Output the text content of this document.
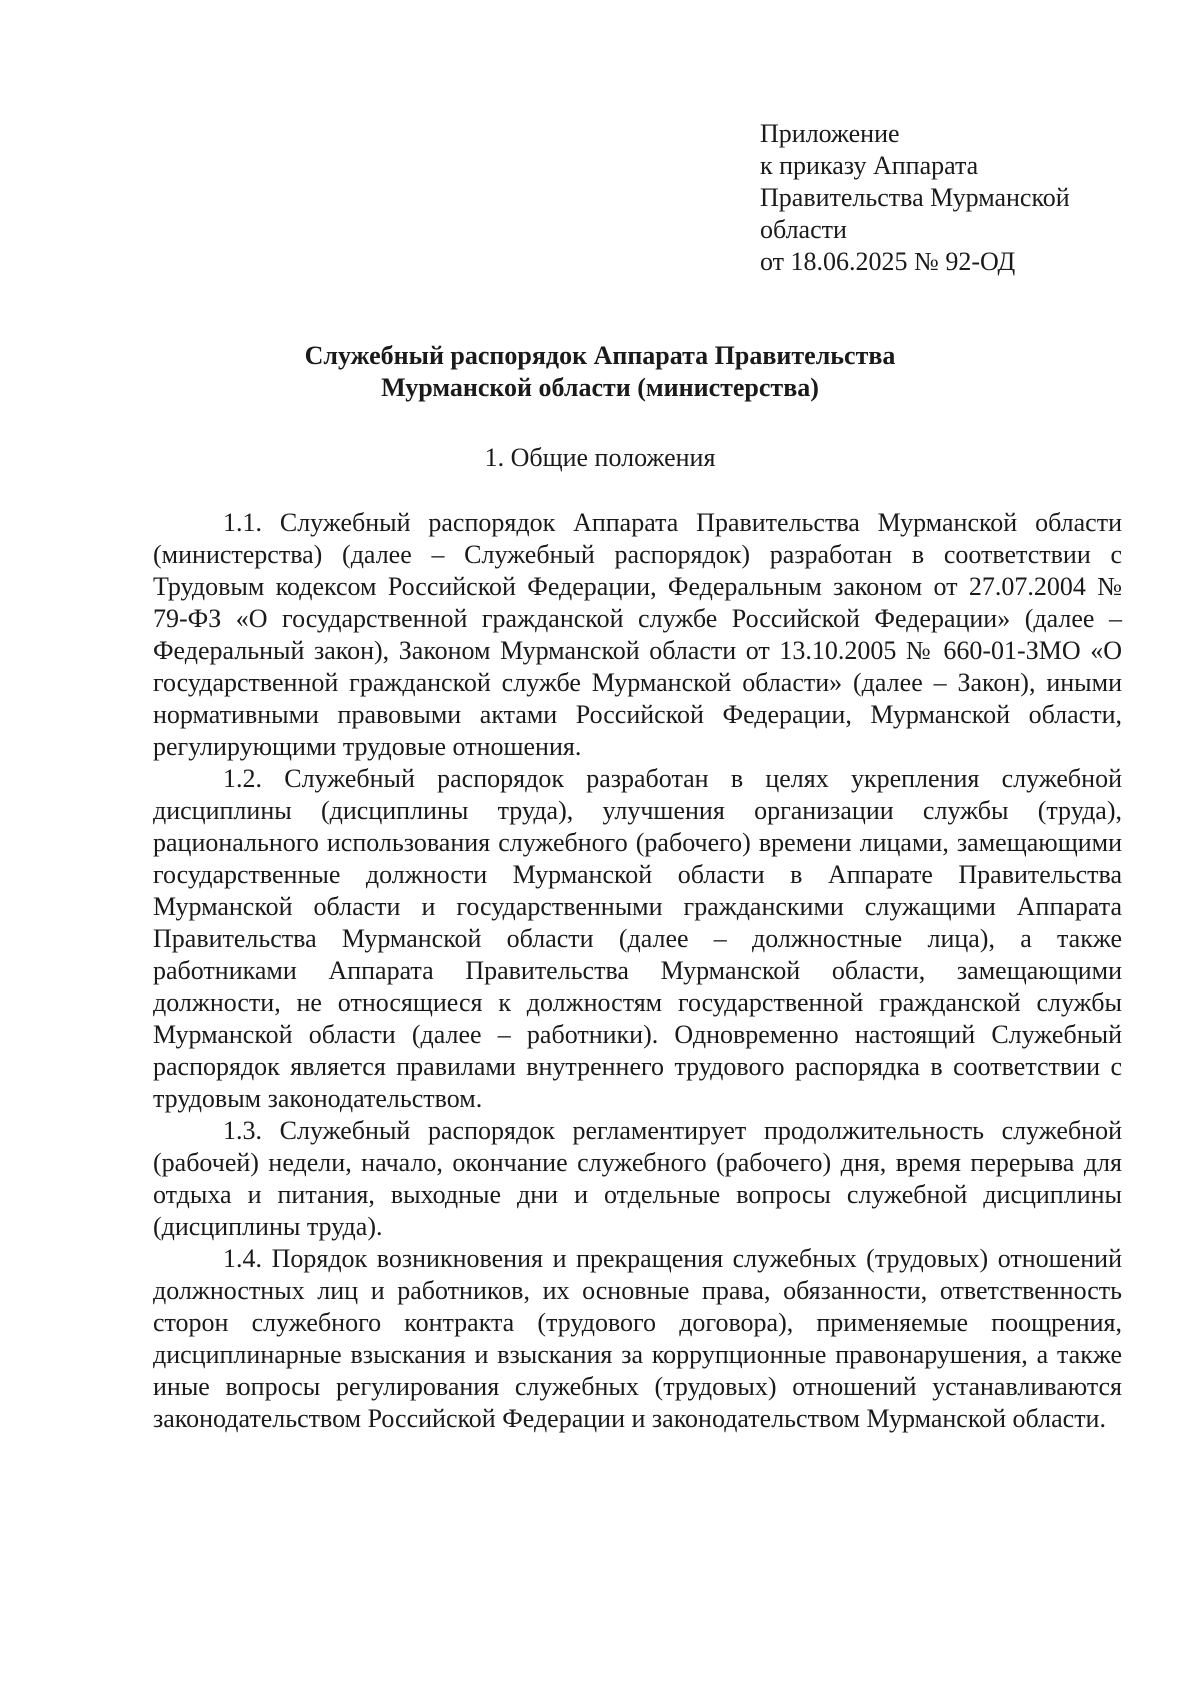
Приложение
к приказу Аппарата
Правительства Мурманской
области
от 18.06.2025 № 92-ОД
Служебный распорядок Аппарата Правительства
Мурманской области (министерства)
1. Общие положения

1.1. Служебный распорядок Аппарата Правительства Мурманской области (министерства) (далее – Служебный распорядок) разработан в соответствии с Трудовым кодексом Российской Федерации, Федеральным законом от 27.07.2004 № 79-ФЗ «О государственной гражданской службе Российской Федерации» (далее – Федеральный закон), Законом Мурманской области от 13.10.2005 № 660-01-ЗМО «О государственной гражданской службе Мурманской области» (далее – Закон), иными нормативными правовыми актами Российской Федерации, Мурманской области, регулирующими трудовые отношения.

1.2. Служебный распорядок разработан в целях укрепления служебной дисциплины (дисциплины труда), улучшения организации службы (труда), рационального использования служебного (рабочего) времени лицами, замещающими государственные должности Мурманской области в Аппарате Правительства Мурманской области и государственными гражданскими служащими Аппарата Правительства Мурманской области (далее – должностные лица), а также работниками Аппарата Правительства Мурманской области, замещающими должности, не относящиеся к должностям государственной гражданской службы Мурманской области (далее – работники). Одновременно настоящий Служебный распорядок является правилами внутреннего трудового распорядка в соответствии с трудовым законодательством.

1.3. Служебный распорядок регламентирует продолжительность служебной (рабочей) недели, начало, окончание служебного (рабочего) дня, время перерыва для отдыха и питания, выходные дни и отдельные вопросы служебной дисциплины (дисциплины труда).

1.4. Порядок возникновения и прекращения служебных (трудовых) отношений должностных лиц и работников, их основные права, обязанности, ответственность сторон служебного контракта (трудового договора), применяемые поощрения, дисциплинарные взыскания и взыскания за коррупционные правонарушения, а также иные вопросы регулирования служебных (трудовых) отношений устанавливаются законодательством Российской Федерации и законодательством Мурманской области.
